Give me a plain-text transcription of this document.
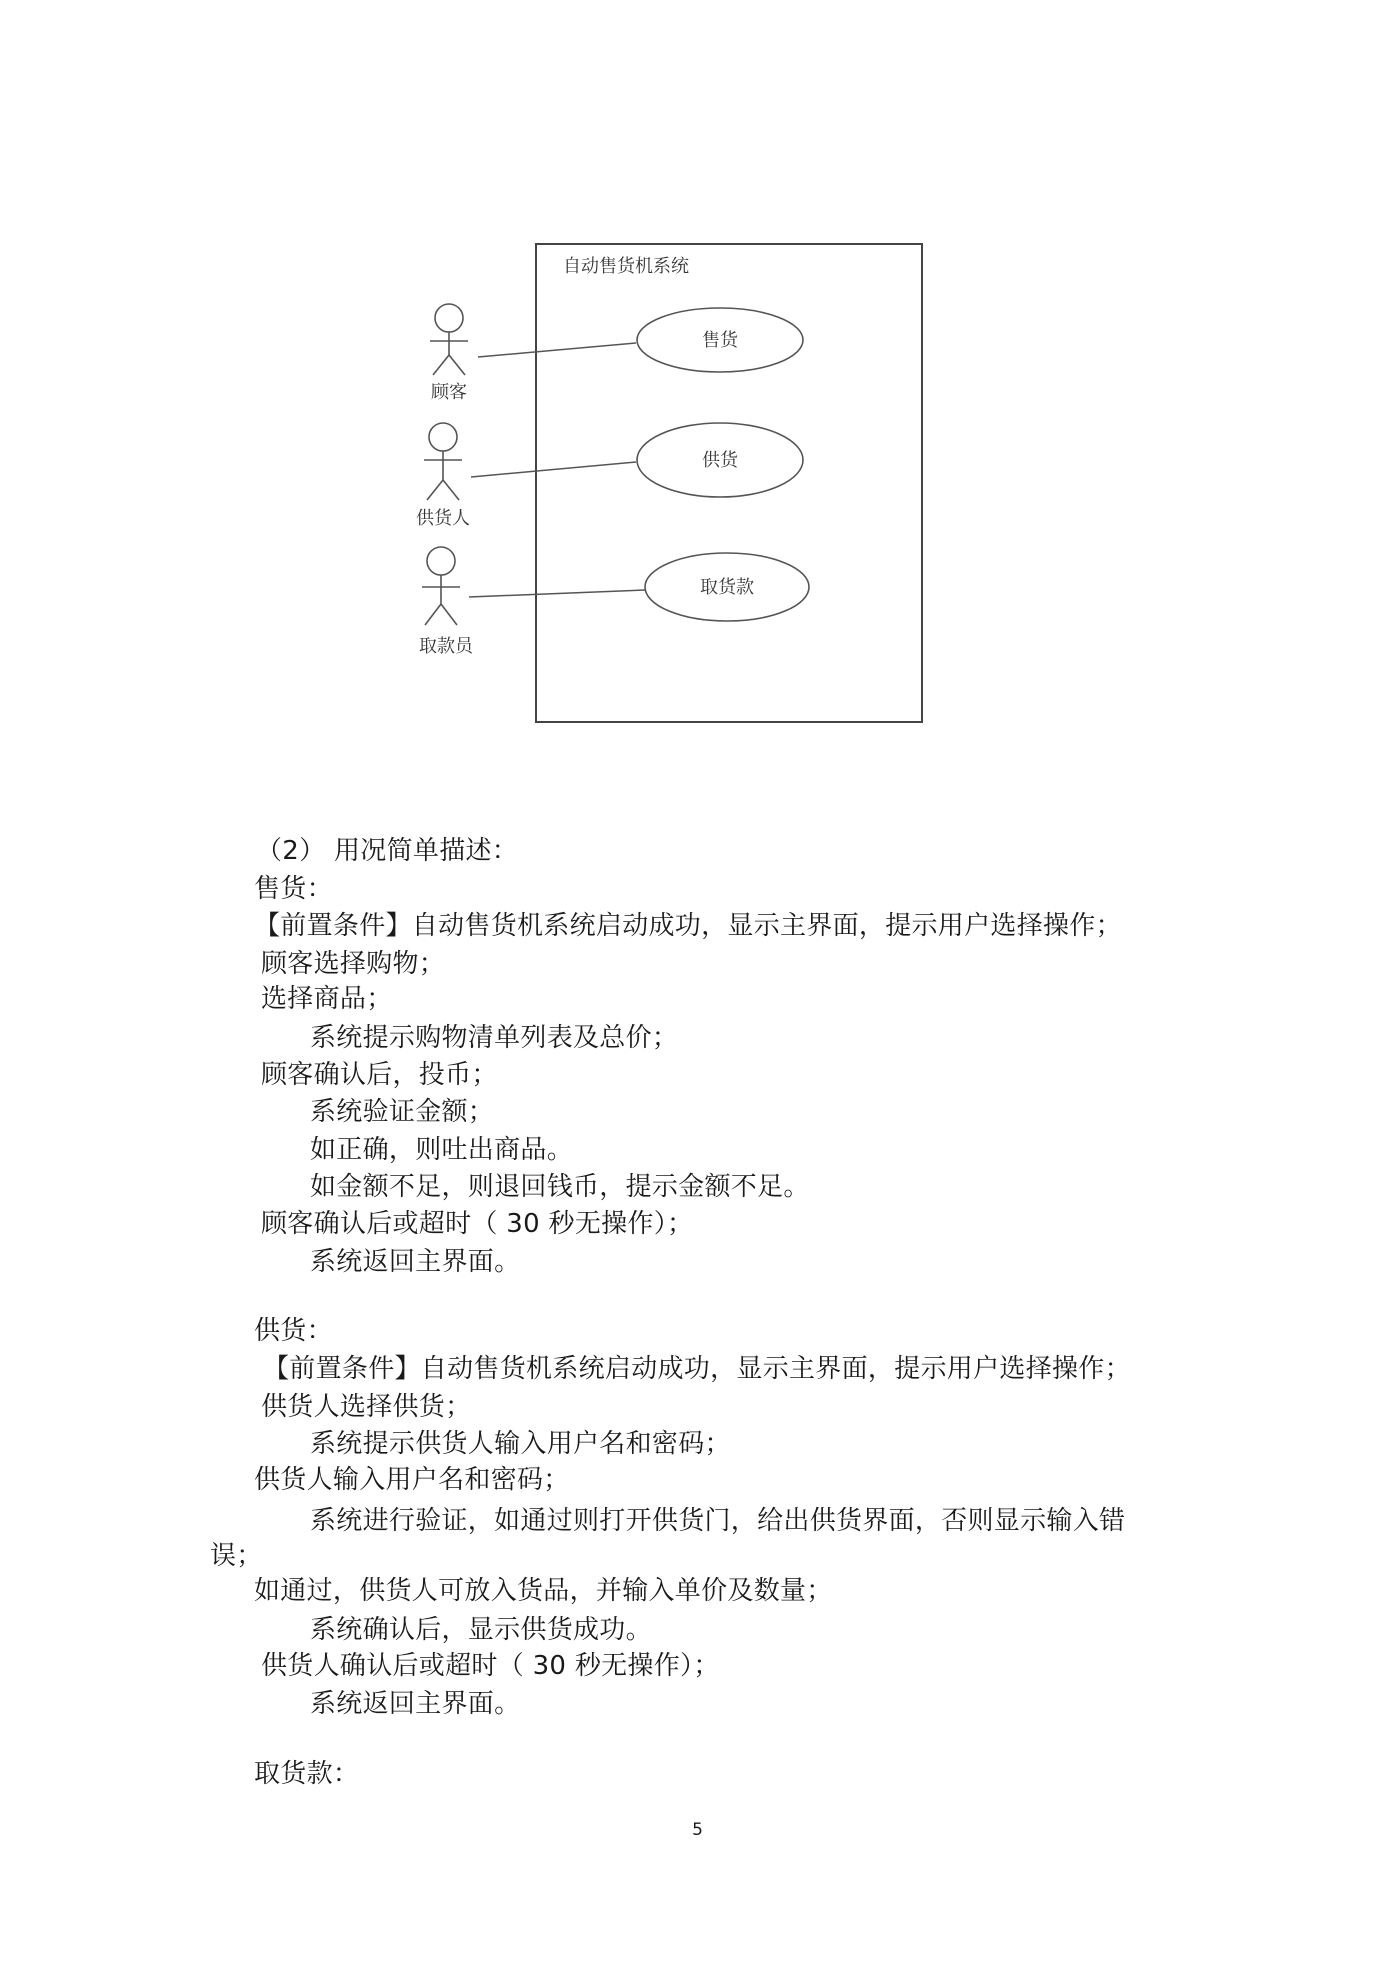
自动售货机系统
顾客
供货人
取款员
售货
供货
取货款
（2） 用况简单描述：
售货：
【前置条件】自动售货机系统启动成功，显示主界面，提示用户选择操作；
顾客选择购物；
选择商品；
系统提示购物清单列表及总价；
顾客确认后，投币；
系统验证金额；
如正确，则吐出商品。
如金额不足，则退回钱币，提示金额不足。
顾客确认后或超时（ 30 秒无操作）；
系统返回主界面。
供货：
【前置条件】自动售货机系统启动成功，显示主界面，提示用户选择操作；
供货人选择供货；
系统提示供货人输入用户名和密码；
供货人输入用户名和密码；
系统进行验证，如通过则打开供货门，给出供货界面，否则显示输入错
误；
如通过，供货人可放入货品，并输入单价及数量；
系统确认后，显示供货成功。
供货人确认后或超时（ 30 秒无操作）；
系统返回主界面。
取货款：
5
